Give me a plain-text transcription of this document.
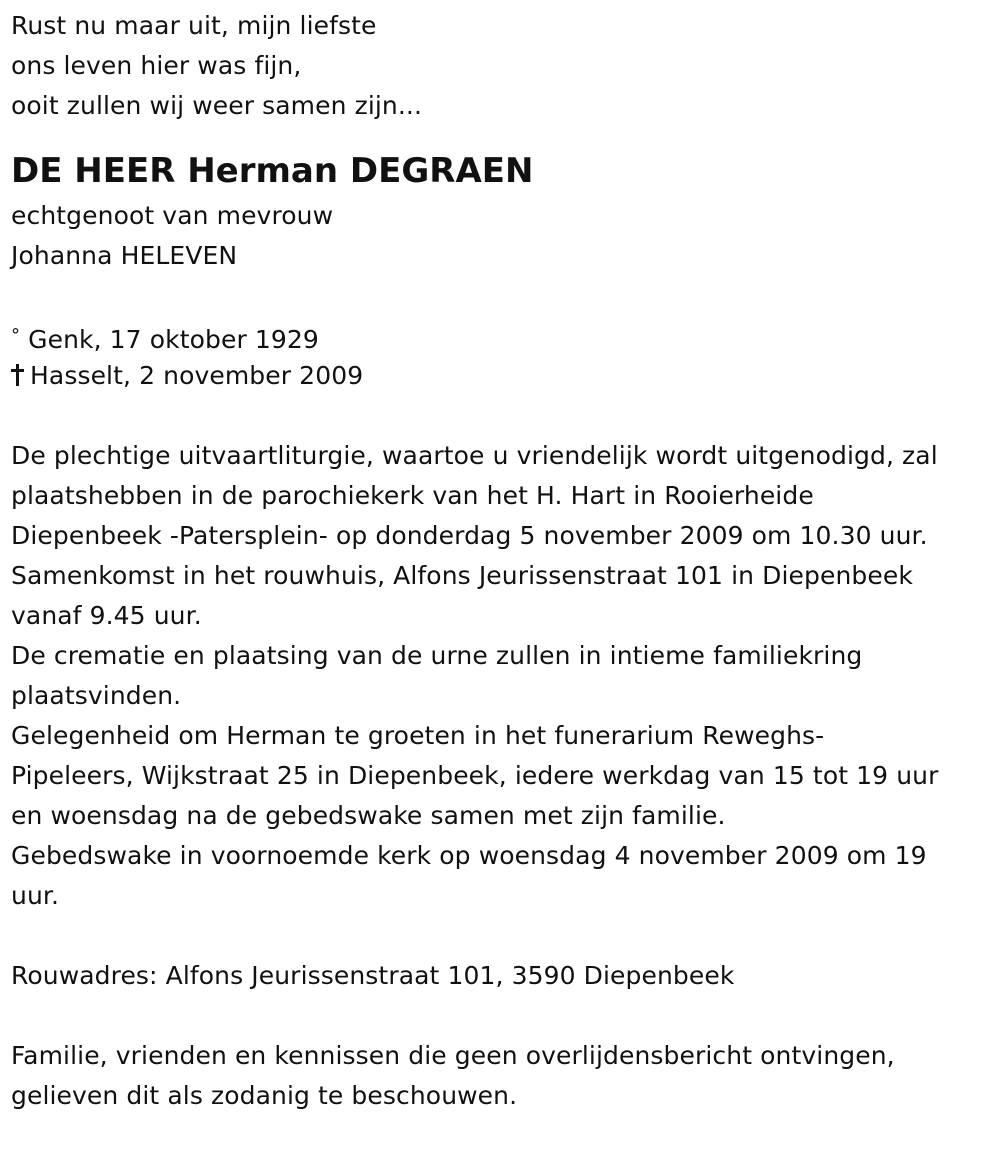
Rust nu maar uit, mijn liefste
ons leven hier was fijn,
ooit zullen wij weer samen zijn...
DE HEER Herman DEGRAEN
echtgenoot van mevrouw
Johanna HELEVEN
° Genk, 17 oktober 1929
Hasselt, 2 november 2009
De plechtige uitvaartliturgie, waartoe u vriendelijk wordt uitgenodigd, zal
plaatshebben in de parochiekerk van het H. Hart in Rooierheide
Diepenbeek -Patersplein- op donderdag 5 november 2009 om 10.30 uur.
Samenkomst in het rouwhuis, Alfons Jeurissenstraat 101 in Diepenbeek
vanaf 9.45 uur.
De crematie en plaatsing van de urne zullen in intieme familiekring
plaatsvinden.
Gelegenheid om Herman te groeten in het funerarium Reweghs-
Pipeleers, Wijkstraat 25 in Diepenbeek, iedere werkdag van 15 tot 19 uur
en woensdag na de gebedswake samen met zijn familie.
Gebedswake in voornoemde kerk op woensdag 4 november 2009 om 19
uur.
Rouwadres: Alfons Jeurissenstraat 101, 3590 Diepenbeek
Familie, vrienden en kennissen die geen overlijdensbericht ontvingen,
gelieven dit als zodanig te beschouwen.
